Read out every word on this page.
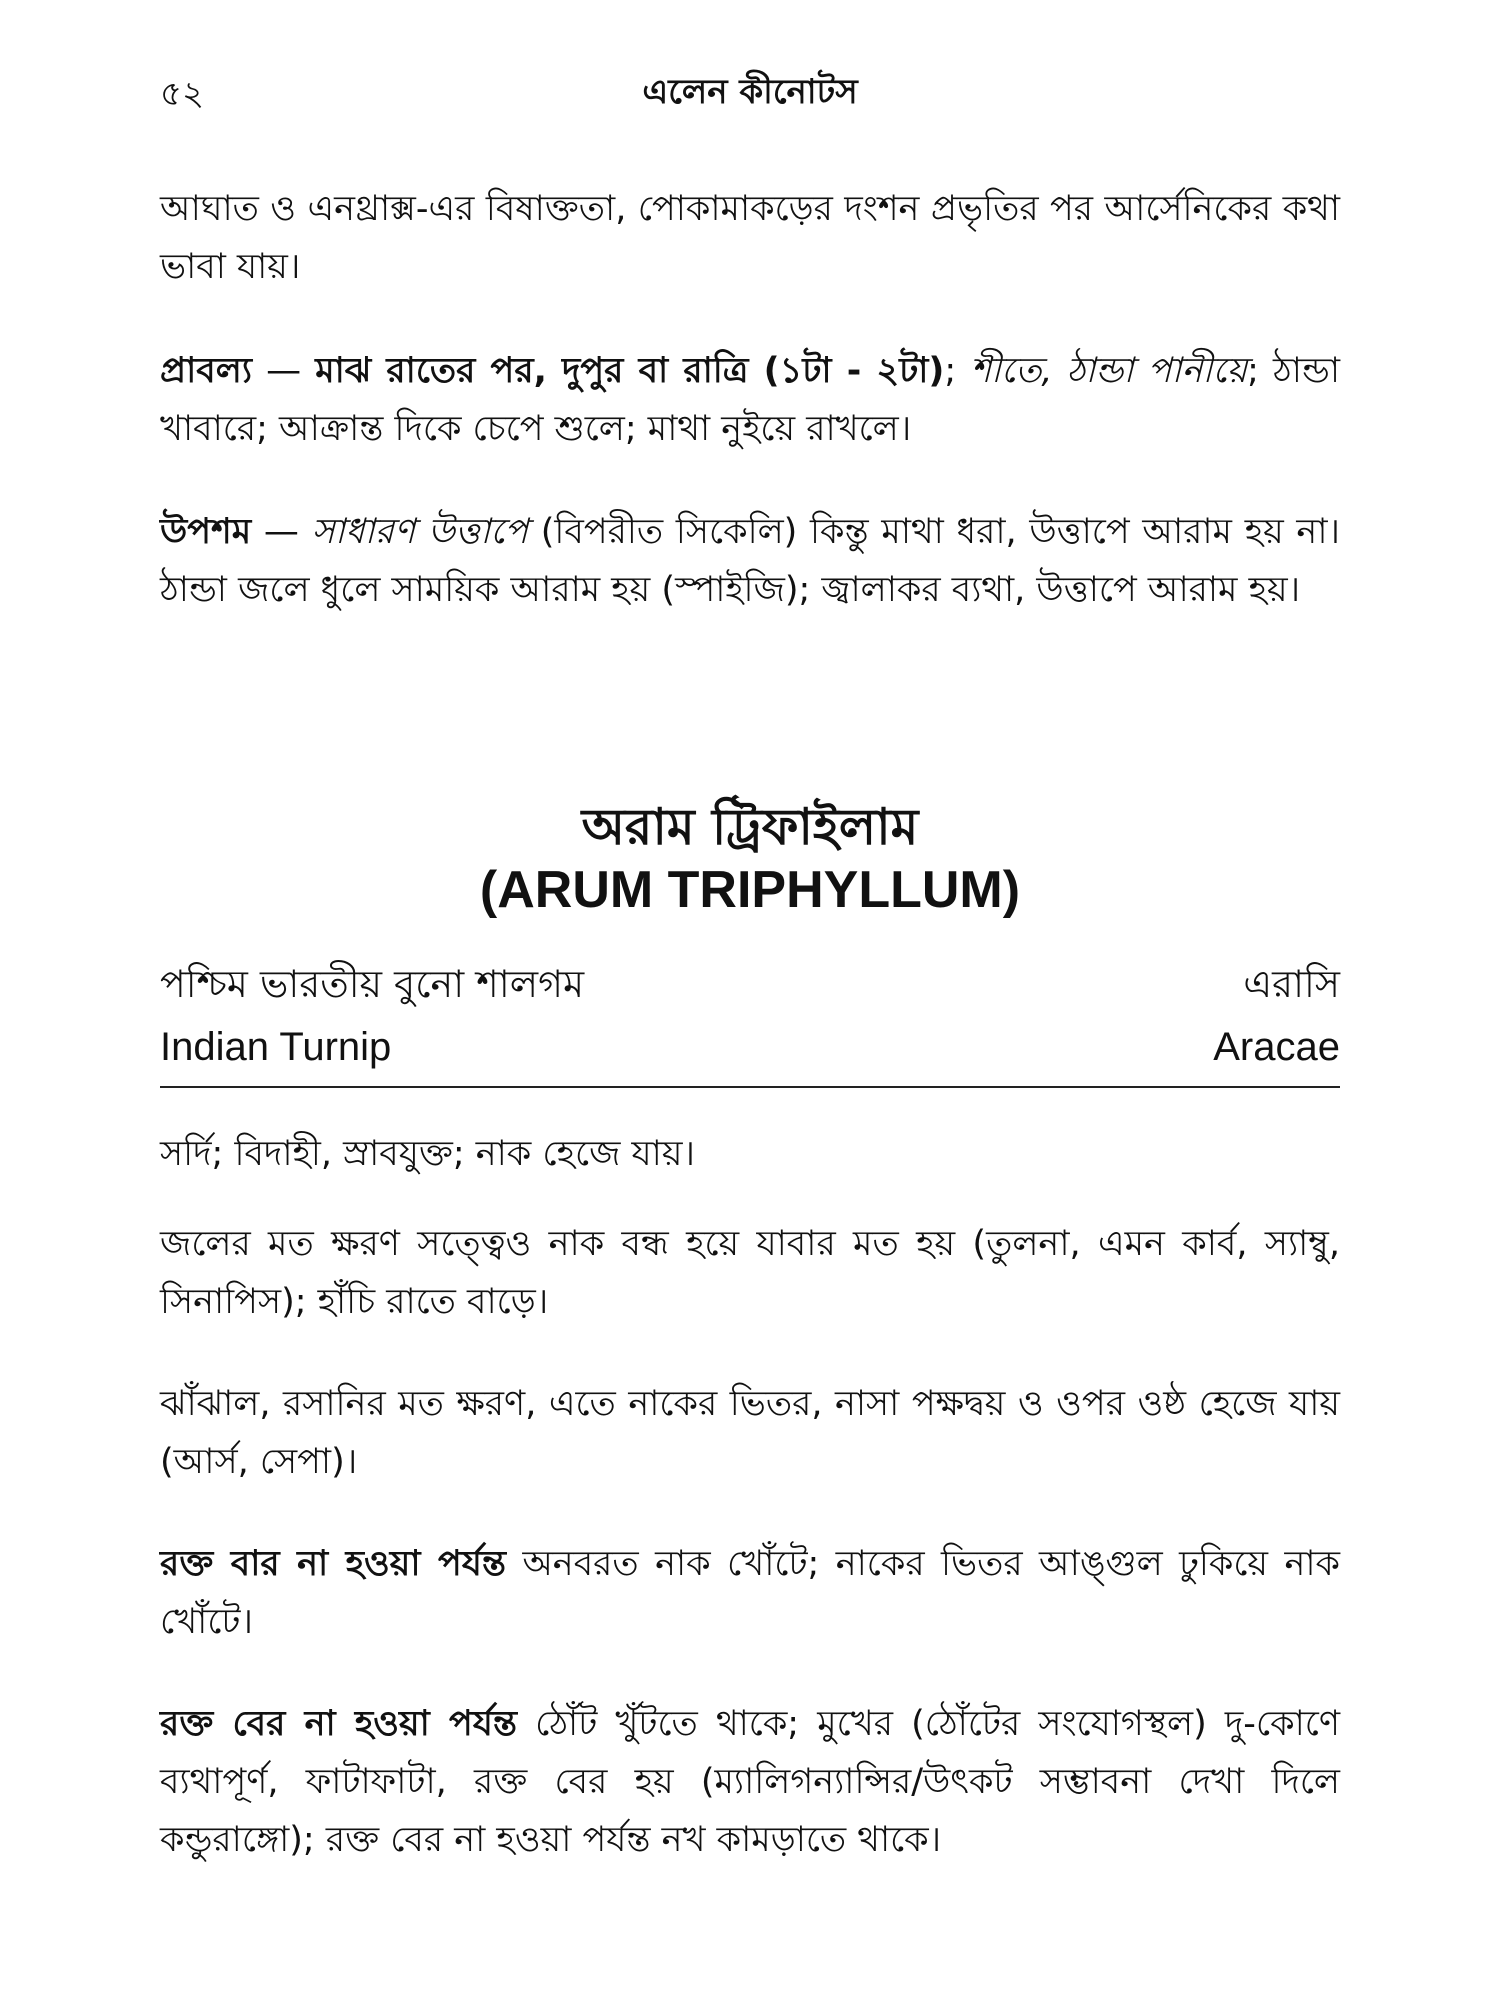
৫২	এলেন কীনোটস
আঘাত ও এনথ্রাক্স-এর বিষাক্ততা, পোকামাকড়ের দংশন প্রভৃতির পর আর্সেনিকের কথা ভাবা যায়।
প্রাবল্য — মাঝ রাতের পর, দুপুর বা রাত্রি (১টা - ২টা); শীতে, ঠান্ডা পানীয়ে; ঠান্ডা খাবারে; আক্রান্ত দিকে চেপে শুলে; মাথা নুইয়ে রাখলে।
উপশম — সাধারণ উত্তাপে (বিপরীত সিকেলি) কিন্তু মাথা ধরা, উত্তাপে আরাম হয় না। ঠান্ডা জলে ধুলে সাময়িক আরাম হয় (স্পাইজি); জ্বালাকর ব্যথা, উত্তাপে আরাম হয়।
অরাম ট্রিফাইলাম
(ARUM TRIPHYLLUM)
পশ্চিম ভারতীয় বুনো শালগম	এরাসি
Indian Turnip	Aracae
সর্দি; বিদাহী, স্রাবযুক্ত; নাক হেজে যায়।
জলের মত ক্ষরণ সত্ত্বেও নাক বন্ধ হয়ে যাবার মত হয় (তুলনা, এমন কার্ব, স্যাম্বু, সিনাপিস); হাঁচি রাতে বাড়ে।
ঝাঁঝাল, রসানির মত ক্ষরণ, এতে নাকের ভিতর, নাসা পক্ষদ্বয় ও ওপর ওষ্ঠ হেজে যায় (আর্স, সেপা)।
রক্ত বার না হওয়া পর্যন্ত অনবরত নাক খোঁটে; নাকের ভিতর আঙ্গুল ঢুকিয়ে নাক খোঁটে।
রক্ত বের না হওয়া পর্যন্ত ঠোঁট খুঁটতে থাকে; মুখের (ঠোঁটের সংযোগস্থল) দু-কোণে ব্যথাপূর্ণ, ফাটাফাটা, রক্ত বের হয় (ম্যালিগন্যান্সির/উৎকট সম্ভাবনা দেখা দিলে কন্ডুরাঙ্গো); রক্ত বের না হওয়া পর্যন্ত নখ কামড়াতে থাকে।
